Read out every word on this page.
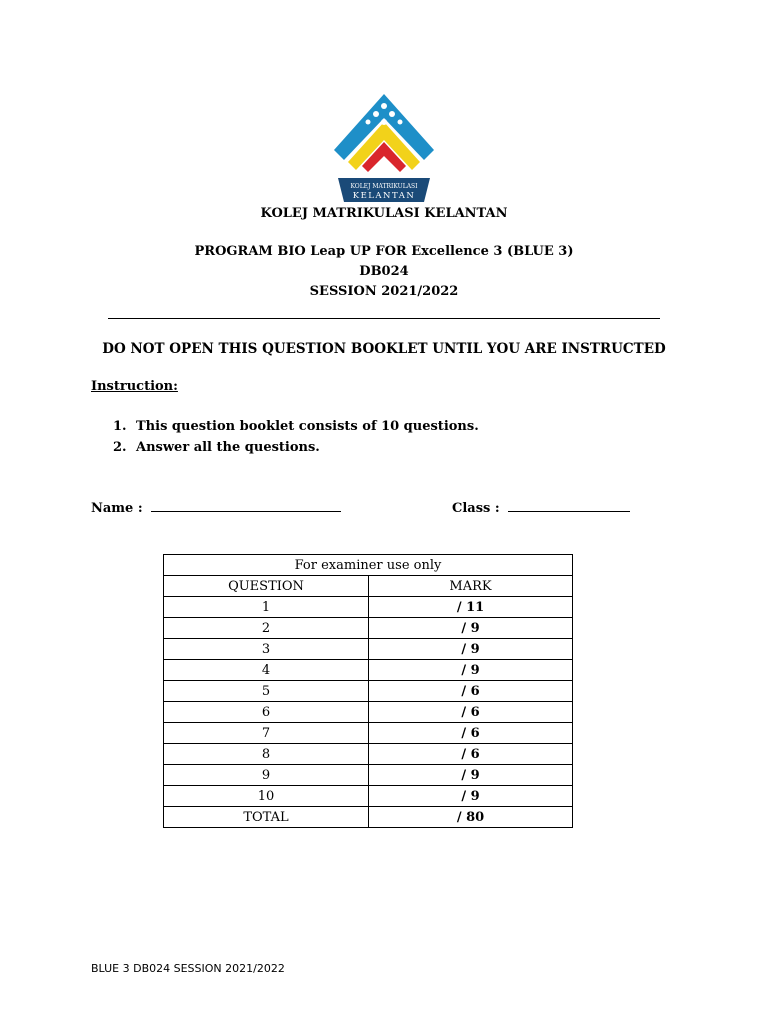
KOLEJ MATRIKULASI
KELANTAN
KOLEJ MATRIKULASI KELANTAN
PROGRAM BIO Leap UP FOR Excellence 3 (BLUE 3)
DB024
SESSION 2021/2022
DO NOT OPEN THIS QUESTION BOOKLET UNTIL YOU ARE INSTRUCTED
Instruction:
1. This question booklet consists of 10 questions.
2. Answer all the questions.
Name :	Class :
For examiner use only	
QUESTION	MARK
1	/ 11
2	/ 9
3	/ 9
4	/ 9
5	/ 6
6	/ 6
7	/ 6
8	/ 6
9	/ 9
10	/ 9
TOTAL	/ 80
BLUE 3 DB024 SESSION 2021/2022
